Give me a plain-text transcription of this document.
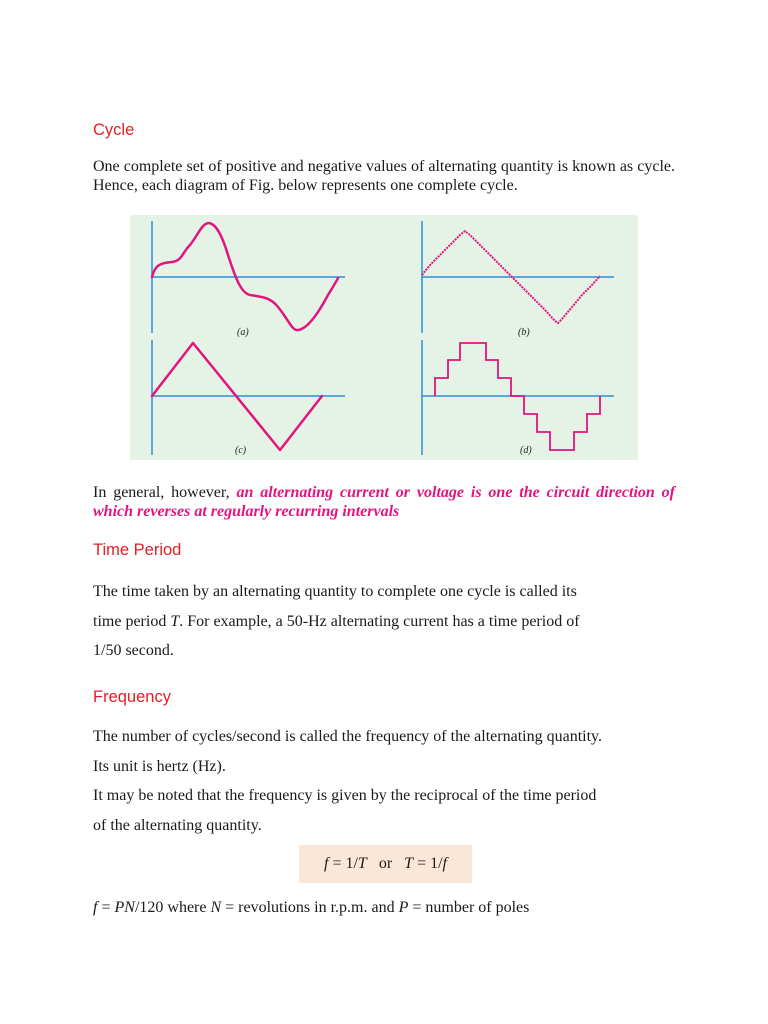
Cycle

One complete set of positive and negative values of alternating quantity is known as cycle. Hence, each diagram of Fig. below represents one complete cycle.

(a)	(b)
(c)	(d)

In general, however, an alternating current or voltage is one the circuit direction of which reverses at regularly recurring intervals

Time Period
The time taken by an alternating quantity to complete one cycle is called its
time period T. For example, a 50-Hz alternating current has a time period of
1/50 second.
Frequency
The number of cycles/second is called the frequency of the alternating quantity.
Its unit is hertz (Hz).
It may be noted that the frequency is given by the reciprocal of the time period
of the alternating quantity.
f = 1/ T or T = 1/ f
f = PN/120 where N = revolutions in r.p.m. and P = number of poles
